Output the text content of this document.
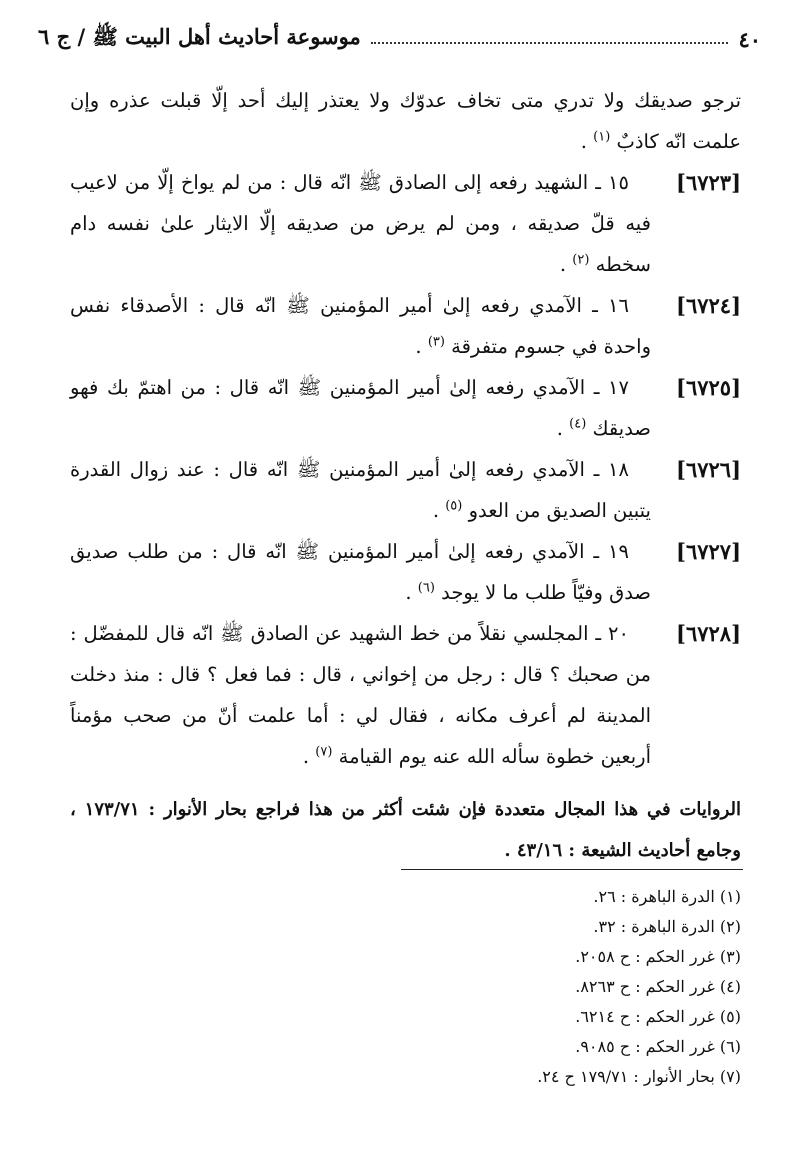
٤٠
موسوعة أحاديث أهل البيت ﷺ / ج ٦

ترجو صديقك ولا تدري متى تخاف عدوّك ولا يعتذر إليك أحد إلّا قبلت عذره وإن علمت انّه كاذبٌ $^{(١)}$ .

[٦٧٢٣]
١٥ ـ الشهيد رفعه إلى الصادق ﷺ انّه قال : من لم يواخ إلّا من لاعيب فيه قلّ صديقه ، ومن لم يرض من صديقه إلّا الايثار علىٰ نفسه دام سخطه $^{(٢)}$ .
[٦٧٢٤]
١٦ ـ الآمدي رفعه إلىٰ أمير المؤمنين ﷺ انّه قال : الأصدقاء نفس واحدة في جسوم متفرقة $^{(٣)}$ .
[٦٧٢٥]
١٧ ـ الآمدي رفعه إلىٰ أمير المؤمنين ﷺ انّه قال : من اهتمّ بك فهو صديقك $^{(٤)}$ .
[٦٧٢٦]
١٨ ـ الآمدي رفعه إلىٰ أمير المؤمنين ﷺ انّه قال : عند زوال القدرة يتبين الصديق من العدو $^{(٥)}$ .
[٦٧٢٧]
١٩ ـ الآمدي رفعه إلىٰ أمير المؤمنين ﷺ انّه قال : من طلب صديق صدق وفيّاً طلب ما لا يوجد $^{(٦)}$ .
[٦٧٢٨]
٢٠ ـ المجلسي نقلاً من خط الشهيد عن الصادق ﷺ انّه قال للمفضّل : من صحبك ؟ قال : رجل من إخواني ، قال : فما فعل ؟ قال : منذ دخلت المدينة لم أعرف مكانه ، فقال لي : أما علمت أنّ من صحب مؤمناً أربعين خطوة سأله الله عنه يوم القيامة $^{(٧)}$ .

الروايات في هذا المجال متعددة فإن شئت أكثر من هذا فراجع بحار الأنوار : ١٧٣/٧١ ، وجامع أحاديث الشيعة : ٤٣/١٦ .

(١) الدرة الباهرة : ٢٦.
(٢) الدرة الباهرة : ٣٢.
(٣) غرر الحكم : ح ٢٠٥٨.
(٤) غرر الحكم : ح ٨٢٦٣.
(٥) غرر الحكم : ح ٦٢١٤.
(٦) غرر الحكم : ح ٩٠٨٥.
(٧) بحار الأنوار : ١٧٩/٧١ ح ٢٤.
